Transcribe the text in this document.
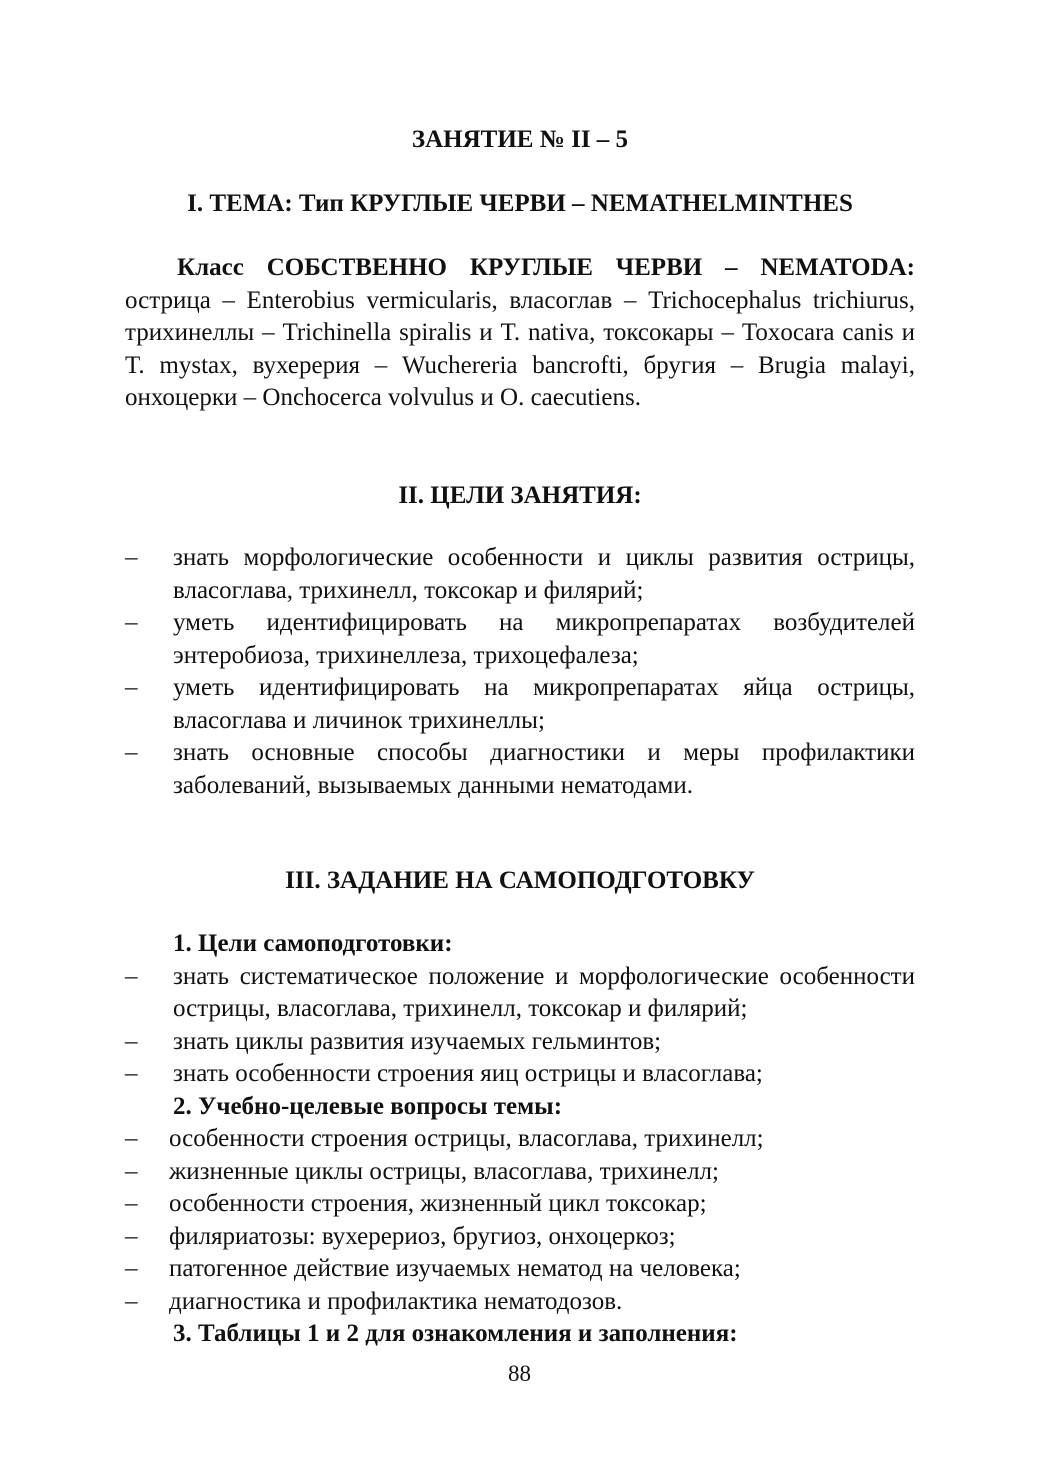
ЗАНЯТИЕ № II – 5
I. ТЕМА: Тип КРУГЛЫЕ ЧЕРВИ – NEMATHELMINTHES
Класс СОБСТВЕННО КРУГЛЫЕ ЧЕРВИ – NEMATODA: острица – Enterobius vermicularis, власоглав – Trichocephalus trichiurus, трихинеллы – Trichinella spiralis и T. nativa, токсокары – Toxocara canis и T. mystax, вухерерия – Wuchereria bancrofti, бругия – Brugia malayi, онхоцерки – Onchocerca volvulus и O. caecutiens.
II. ЦЕЛИ ЗАНЯТИЯ:
–	знать морфологические особенности и циклы развития острицы, власоглава, трихинелл, токсокар и филярий;
–	уметь идентифицировать на микропрепаратах возбудителей энтеробиоза, трихинеллеза, трихоцефалеза;
–	уметь идентифицировать на микропрепаратах яйца острицы, власоглава и личинок трихинеллы;
–	знать основные способы диагностики и меры профилактики заболеваний, вызываемых данными нематодами.
III. ЗАДАНИЕ НА САМОПОДГОТОВКУ
1. Цели самоподготовки:
–	знать систематическое положение и морфологические особенности острицы, власоглава, трихинелл, токсокар и филярий;
–	знать циклы развития изучаемых гельминтов;
–	знать особенности строения яиц острицы и власоглава;
2. Учебно-целевые вопросы темы:
–	особенности строения острицы, власоглава, трихинелл;
–	жизненные циклы острицы, власоглава, трихинелл;
–	особенности строения, жизненный цикл токсокар;
–	филяриатозы: вухерериоз, бругиоз, онхоцеркоз;
–	патогенное действие изучаемых нематод на человека;
–	диагностика и профилактика нематодозов.
3. Таблицы 1 и 2 для ознакомления и заполнения:
88
